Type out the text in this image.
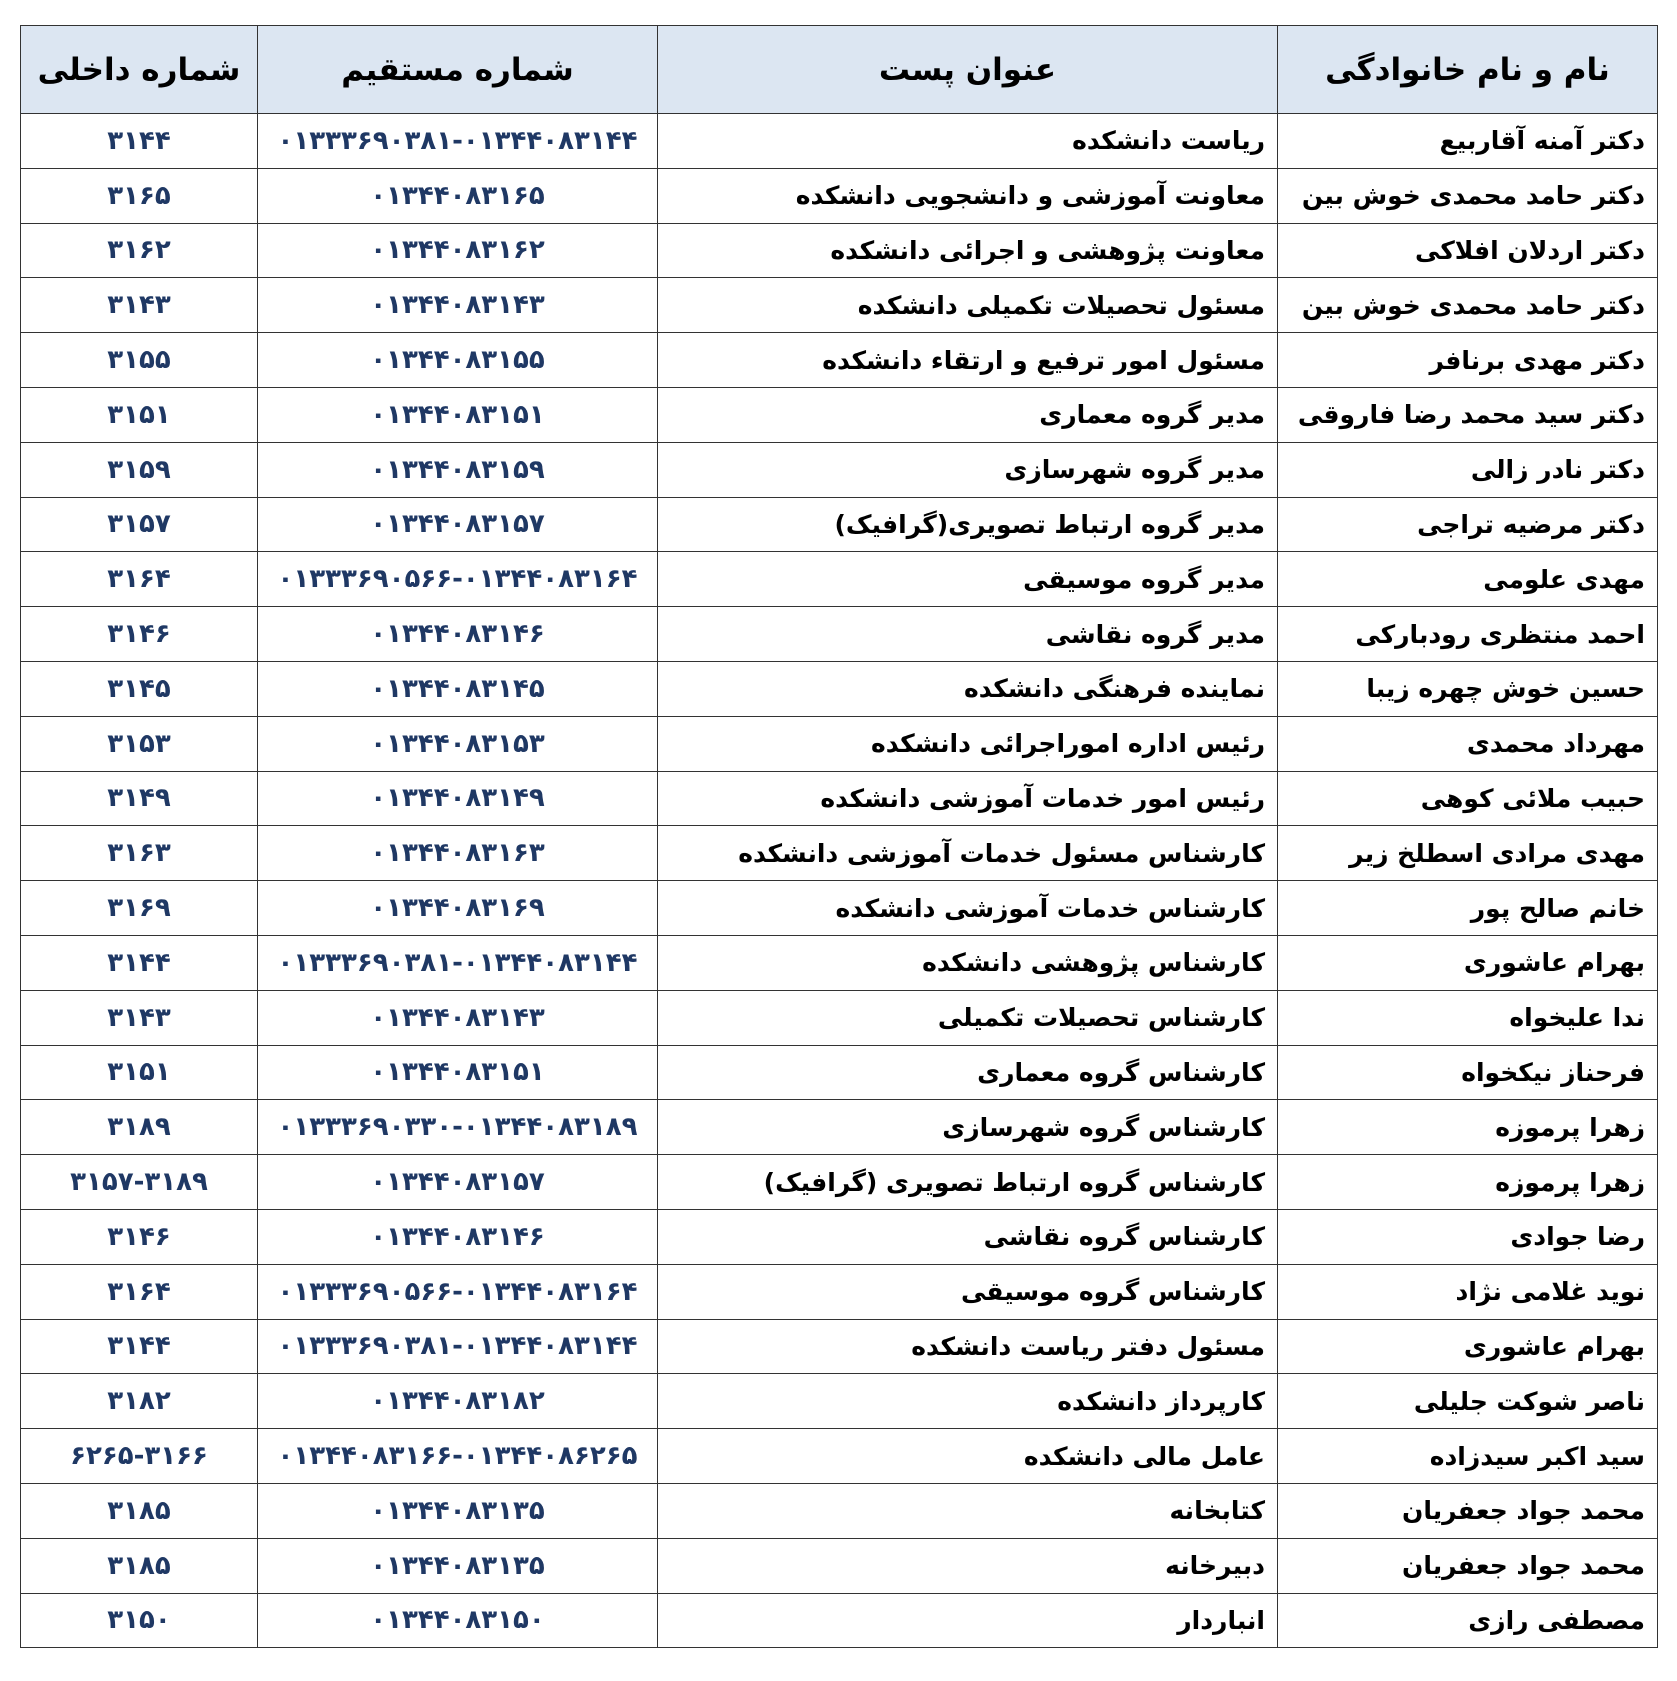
نام و نام خانوادگی	عنوان پست	شماره مستقیم	شماره داخلی
دکتر آمنه آقاربیع	ریاست دانشکده	۰۱۳۳۳۶۹۰۳۸۱-۰۱۳۴۴۰۸۳۱۴۴	۳۱۴۴
دکتر حامد محمدی خوش بین	معاونت آموزشی و دانشجویی دانشکده	۰۱۳۴۴۰۸۳۱۶۵	۳۱۶۵
دکتر اردلان افلاکی	معاونت پژوهشی و اجرائی دانشکده	۰۱۳۴۴۰۸۳۱۶۲	۳۱۶۲
دکتر حامد محمدی خوش بین	مسئول تحصیلات تکمیلی دانشکده	۰۱۳۴۴۰۸۳۱۴۳	۳۱۴۳
دکتر مهدی برنافر	مسئول امور ترفیع و ارتقاء دانشکده	۰۱۳۴۴۰۸۳۱۵۵	۳۱۵۵
دکتر سید محمد رضا فاروقی	مدیر گروه معماری	۰۱۳۴۴۰۸۳۱۵۱	۳۱۵۱
دکتر نادر زالی	مدیر گروه شهرسازی	۰۱۳۴۴۰۸۳۱۵۹	۳۱۵۹
دکتر مرضیه تراجی	مدیر گروه ارتباط تصویری(گرافیک)	۰۱۳۴۴۰۸۳۱۵۷	۳۱۵۷
مهدی علومی	مدیر گروه موسیقی	۰۱۳۳۳۶۹۰۵۶۶-۰۱۳۴۴۰۸۳۱۶۴	۳۱۶۴
احمد منتظری رودبارکی	مدیر گروه نقاشی	۰۱۳۴۴۰۸۳۱۴۶	۳۱۴۶
حسین خوش چهره زیبا	نماینده فرهنگی دانشکده	۰۱۳۴۴۰۸۳۱۴۵	۳۱۴۵
مهرداد محمدی	رئیس اداره اموراجرائی دانشکده	۰۱۳۴۴۰۸۳۱۵۳	۳۱۵۳
حبیب ملائی کوهی	رئیس امور خدمات آموزشی دانشکده	۰۱۳۴۴۰۸۳۱۴۹	۳۱۴۹
مهدی مرادی اسطلخ زیر	کارشناس مسئول خدمات آموزشی دانشکده	۰۱۳۴۴۰۸۳۱۶۳	۳۱۶۳
خانم صالح پور	کارشناس خدمات آموزشی دانشکده	۰۱۳۴۴۰۸۳۱۶۹	۳۱۶۹
بهرام عاشوری	کارشناس پژوهشی دانشکده	۰۱۳۳۳۶۹۰۳۸۱-۰۱۳۴۴۰۸۳۱۴۴	۳۱۴۴
ندا علیخواه	کارشناس تحصیلات تکمیلی	۰۱۳۴۴۰۸۳۱۴۳	۳۱۴۳
فرحناز نیکخواه	کارشناس گروه معماری	۰۱۳۴۴۰۸۳۱۵۱	۳۱۵۱
زهرا پرموزه	کارشناس گروه شهرسازی	۰۱۳۳۳۶۹۰۳۳۰-۰۱۳۴۴۰۸۳۱۸۹	۳۱۸۹
زهرا پرموزه	کارشناس گروه ارتباط تصویری (گرافیک)	۰۱۳۴۴۰۸۳۱۵۷	۳۱۵۷-۳۱۸۹
رضا جوادی	کارشناس گروه نقاشی	۰۱۳۴۴۰۸۳۱۴۶	۳۱۴۶
نوید غلامی نژاد	کارشناس گروه موسیقی	۰۱۳۳۳۶۹۰۵۶۶-۰۱۳۴۴۰۸۳۱۶۴	۳۱۶۴
بهرام عاشوری	مسئول دفتر ریاست دانشکده	۰۱۳۳۳۶۹۰۳۸۱-۰۱۳۴۴۰۸۳۱۴۴	۳۱۴۴
ناصر شوکت جلیلی	کارپرداز دانشکده	۰۱۳۴۴۰۸۳۱۸۲	۳۱۸۲
سید اکبر سیدزاده	عامل مالی دانشکده	۰۱۳۴۴۰۸۳۱۶۶-۰۱۳۴۴۰۸۶۲۶۵	۶۲۶۵-۳۱۶۶
محمد جواد جعفریان	کتابخانه	۰۱۳۴۴۰۸۳۱۳۵	۳۱۸۵
محمد جواد جعفریان	دبیرخانه	۰۱۳۴۴۰۸۳۱۳۵	۳۱۸۵
مصطفی رازی	انباردار	۰۱۳۴۴۰۸۳۱۵۰	۳۱۵۰
